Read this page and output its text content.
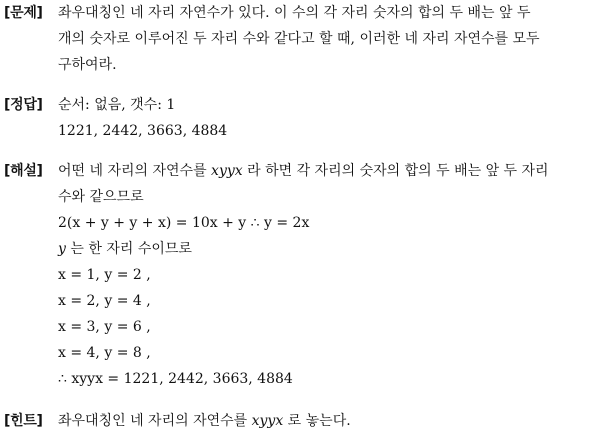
[문제]	좌우대칭인 네 자리 자연수가 있다. 이 수의 각 자리 숫자의 합의 두 배는 앞 두
개의 숫자로 이루어진 두 자리 수와 같다고 할 때, 이러한 네 자리 자연수를 모두
구하여라.
[정답]	순서: 없음, 갯수: 1
1221, 2442, 3663, 4884
[해설]	어떤 네 자리의 자연수를 xyyx 라 하면 각 자리의 숫자의 합의 두 배는 앞 두 자리
수와 같으므로
2(x + y + y + x) = 10x + y ∴ y = 2x
y 는 한 자리 수이므로
x = 1, y = 2 ,
x = 2, y = 4 ,
x = 3, y = 6 ,
x = 4, y = 8 ,
∴ xyyx = 1221, 2442, 3663, 4884
[힌트]	좌우대칭인 네 자리의 자연수를 xyyx 로 놓는다.
